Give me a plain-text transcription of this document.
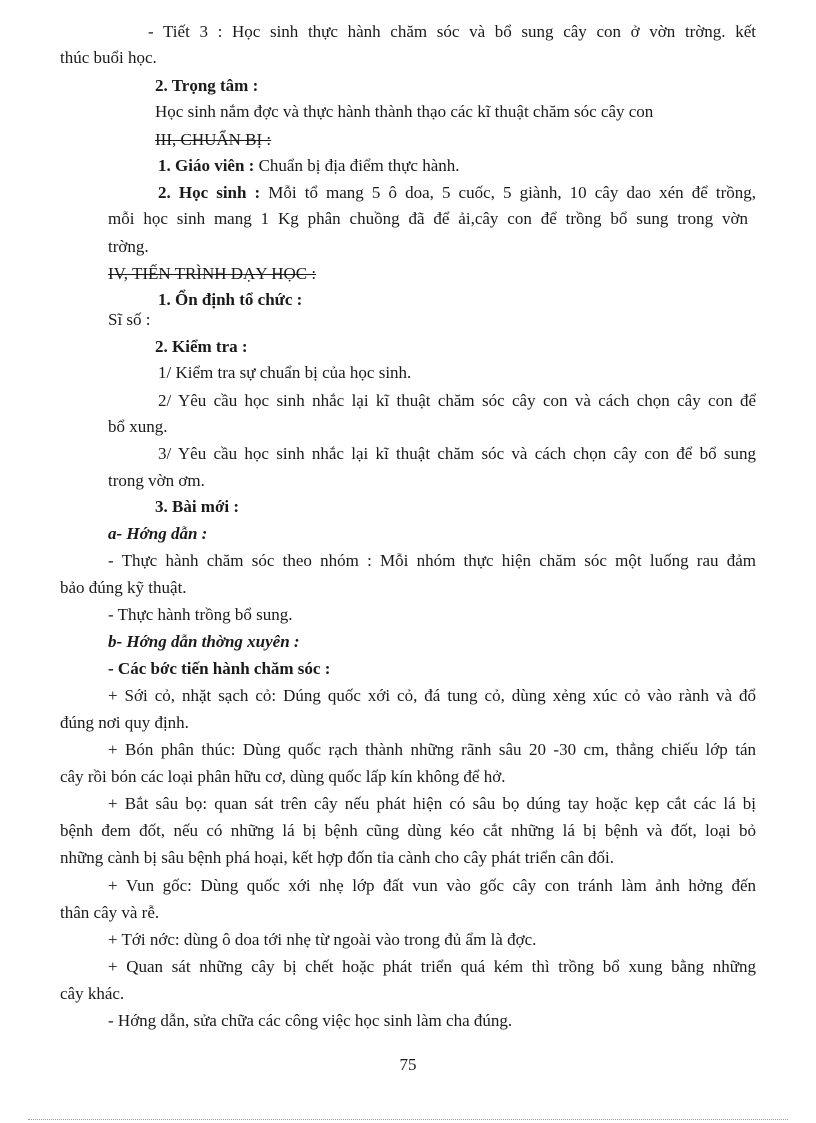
- Tiết 3 : Học sinh thực hành chăm sóc và bổ sung cây con ở vờn trờng. kết
thúc buổi học.
2. Trọng tâm :
Học sinh nắm đợc và thực hành thành thạo các kĩ thuật chăm sóc cây con
III, CHUẨN BỊ :
1. Giáo viên : Chuẩn bị địa điểm thực hành.
2. Học sinh : Mỗi tổ mang 5 ô doa, 5 cuốc, 5 giành, 10 cây dao xén để trồng,
mỗi học sinh mang 1 Kg phân chuồng đã để ải,cây con để trồng bổ sung trong vờn
trờng.
IV, TIẾN TRÌNH DẠY HỌC :
1. Ổn định tổ chức :
Sĩ số :
2. Kiểm tra :
1/ Kiểm tra sự chuẩn bị của học sinh.
2/ Yêu cầu học sinh nhắc lại kĩ thuật chăm sóc cây con và cách chọn cây con để
bổ xung.
3/ Yêu cầu học sinh nhắc lại kĩ thuật chăm sóc và cách chọn cây con để bổ sung
trong vờn ơm.
3. Bài mới :
a- Hớng dẫn :
- Thực hành chăm sóc theo nhóm : Mỗi nhóm thực hiện chăm sóc một luống rau đảm
bảo đúng kỹ thuật.
- Thực hành trồng bổ sung.
b- Hớng dẫn thờng xuyên :
- Các bớc tiến hành chăm sóc :
+ Sới cỏ, nhặt sạch cỏ: Dúng quốc xới cỏ, đá tung cỏ, dùng xẻng xúc cỏ vào rành và đổ
đúng nơi quy định.
+ Bón phân thúc: Dùng quốc rạch thành những rãnh sâu 20 -30 cm, thẳng chiếu lớp tán
cây rồi bón các loại phân hữu cơ, dùng quốc lấp kín không để hở.
+ Bắt sâu bọ: quan sát trên cây nếu phát hiện có sâu bọ dúng tay hoặc kẹp cắt các lá bị
bệnh đem đốt, nếu có những lá bị bệnh cũng dùng kéo cắt những lá bị bệnh và đốt, loại bỏ
những cành bị sâu bệnh phá hoại, kết hợp đốn tỉa cành cho cây phát triển cân đối.
+ Vun gốc: Dùng quốc xới nhẹ lớp đất vun vào gốc cây con tránh làm ảnh hởng đến
thân cây và rễ.
+ Tới nớc: dùng ô doa tới nhẹ từ ngoài vào trong đủ ẩm là đợc.
+ Quan sát những cây bị chết hoặc phát triển quá kém thì trồng bổ xung bằng những
cây khác.
- Hớng dẫn, sửa chữa các công việc học sinh làm cha đúng.
75
